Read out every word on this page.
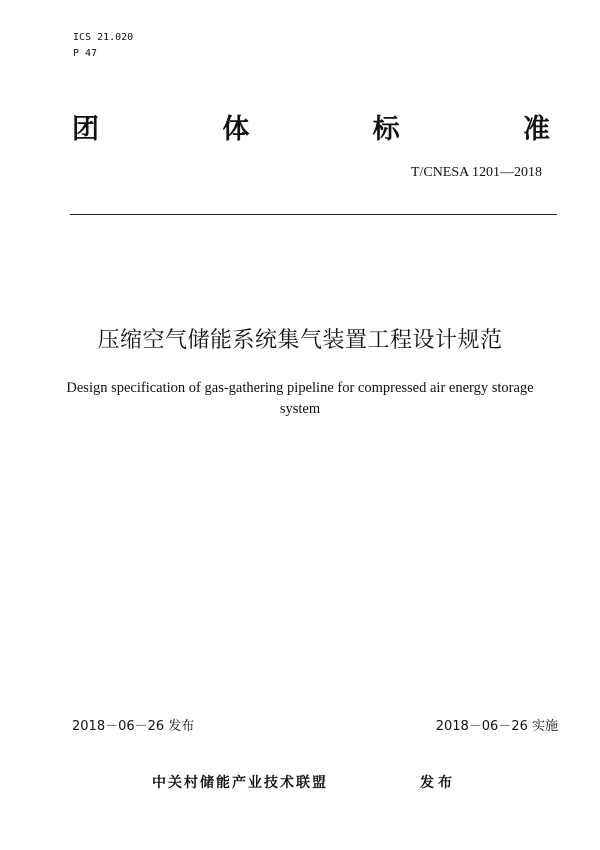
ICS 21.020
P 47
团	体	标	准
T/CNESA 1201—2018
压缩空气储能系统集气装置工程设计规范
Design specification of gas-gathering pipeline for compressed air energy storage
system
2018－06－26 发布	2018－06－26 实施
中关村储能产业技术联盟	发布
